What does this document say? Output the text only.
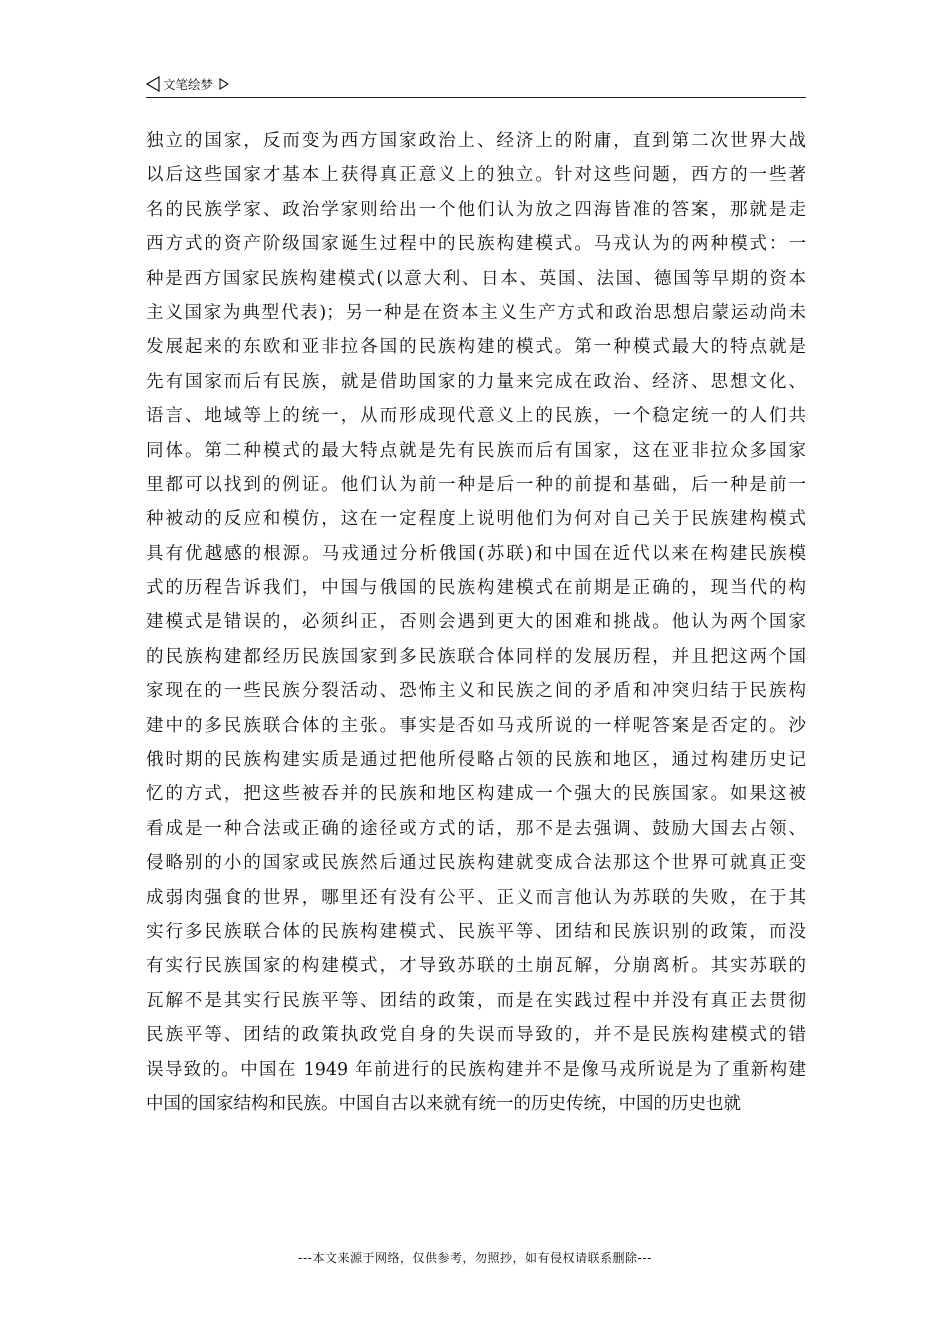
文笔绘梦
独立的国家，反而变为西方国家政治上、经济上的附庸，直到第二次世界大战
以后这些国家才基本上获得真正意义上的独立。针对这些问题，西方的一些著
名的民族学家、政治学家则给出一个他们认为放之四海皆准的答案，那就是走
西方式的资产阶级国家诞生过程中的民族构建模式。马戎认为的两种模式：一
种是西方国家民族构建模式(以意大利、日本、英国、法国、德国等早期的资本
主义国家为典型代表)；另一种是在资本主义生产方式和政治思想启蒙运动尚未
发展起来的东欧和亚非拉各国的民族构建的模式。第一种模式最大的特点就是
先有国家而后有民族，就是借助国家的力量来完成在政治、经济、思想文化、
语言、地域等上的统一，从而形成现代意义上的民族，一个稳定统一的人们共
同体。第二种模式的最大特点就是先有民族而后有国家，这在亚非拉众多国家
里都可以找到的例证。他们认为前一种是后一种的前提和基础，后一种是前一
种被动的反应和模仿，这在一定程度上说明他们为何对自己关于民族建构模式
具有优越感的根源。马戎通过分析俄国(苏联)和中国在近代以来在构建民族模
式的历程告诉我们，中国与俄国的民族构建模式在前期是正确的，现当代的构
建模式是错误的，必须纠正，否则会遇到更大的困难和挑战。他认为两个国家
的民族构建都经历民族国家到多民族联合体同样的发展历程，并且把这两个国
家现在的一些民族分裂活动、恐怖主义和民族之间的矛盾和冲突归结于民族构
建中的多民族联合体的主张。事实是否如马戎所说的一样呢答案是否定的。沙
俄时期的民族构建实质是通过把他所侵略占领的民族和地区，通过构建历史记
忆的方式，把这些被吞并的民族和地区构建成一个强大的民族国家。如果这被
看成是一种合法或正确的途径或方式的话，那不是去强调、鼓励大国去占领、
侵略别的小的国家或民族然后通过民族构建就变成合法那这个世界可就真正变
成弱肉强食的世界，哪里还有没有公平、正义而言他认为苏联的失败，在于其
实行多民族联合体的民族构建模式、民族平等、团结和民族识别的政策，而没
有实行民族国家的构建模式，才导致苏联的土崩瓦解，分崩离析。其实苏联的
瓦解不是其实行民族平等、团结的政策，而是在实践过程中并没有真正去贯彻
民族平等、团结的政策执政党自身的失误而导致的，并不是民族构建模式的错
误导致的。中国在 1949 年前进行的民族构建并不是像马戎所说是为了重新构建
中国的国家结构和民族。中国自古以来就有统一的历史传统，中国的历史也就
---本文来源于网络，仅供参考，勿照抄，如有侵权请联系删除---
